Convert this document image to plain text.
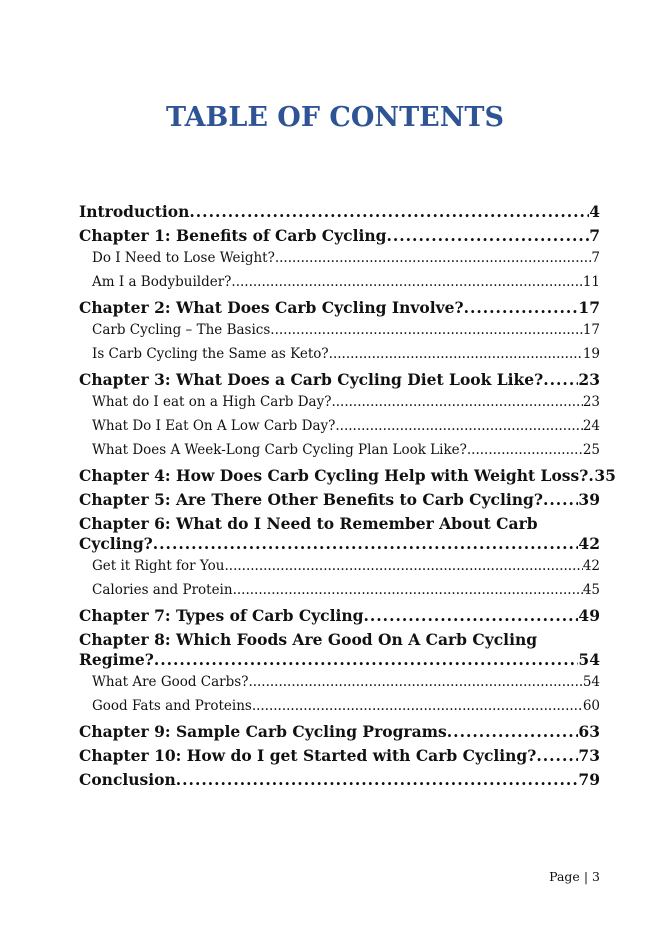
TABLE OF CONTENTS
Introduction .....	4
Chapter 1: Benefits of Carb Cycling .....	7
Do I Need to Lose Weight? .....	7
Am I a Bodybuilder? .....	11
Chapter 2: What Does Carb Cycling Involve? .....	17
Carb Cycling – The Basics .....	17
Is Carb Cycling the Same as Keto? .....	19
Chapter 3: What Does a Carb Cycling Diet Look Like? ..... 23
What do I eat on a High Carb Day? .....	23
What Do I Eat On A Low Carb Day? .....	24
What Does A Week-Long Carb Cycling Plan Look Like? .....	25
Chapter 4: How Does Carb Cycling Help with Weight Loss? ..... 35
Chapter 5: Are There Other Benefits to Carb Cycling? ..... 39
Chapter 6: What do I Need to Remember About Carb
Cycling? .....	42
Get it Right for You .....	42
Calories and Protein .....	45
Chapter 7: Types of Carb Cycling .....	49
Chapter 8: Which Foods Are Good On A Carb Cycling
Regime? .....	54
What Are Good Carbs? .....	54
Good Fats and Proteins .....	60
Chapter 9: Sample Carb Cycling Programs .....	63
Chapter 10: How do I get Started with Carb Cycling? .....	73
Conclusion .....	79
Page | 3
